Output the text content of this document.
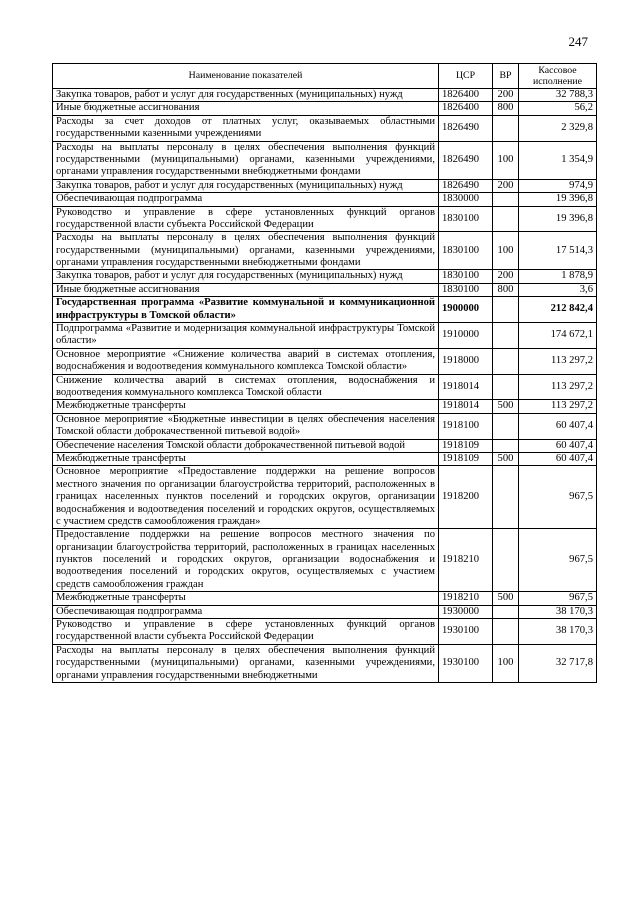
247
Наименование показателей	ЦСР	ВР	Кассовое
исполнение

Закупка товаров, работ и услуг для государственных (муниципальных) нужд	1826400	200	32 788,3
Иные бюджетные ассигнования	1826400	800	56,2
Расходы за счет доходов от платных услуг, оказываемых областными государственными казенными учреждениями	1826490		2 329,8
Расходы на выплаты персоналу в целях обеспечения выполнения функций государственными (муниципальными) органами, казенными учреждениями, органами управления государственными внебюджетными фондами	1826490	100	1 354,9
Закупка товаров, работ и услуг для государственных (муниципальных) нужд	1826490	200	974,9
Обеспечивающая подпрограмма	1830000		19 396,8
Руководство и управление в сфере установленных функций органов государственной власти субъекта Российской Федерации	1830100		19 396,8
Расходы на выплаты персоналу в целях обеспечения выполнения функций государственными (муниципальными) органами, казенными учреждениями, органами управления государственными внебюджетными фондами	1830100	100	17 514,3
Закупка товаров, работ и услуг для государственных (муниципальных) нужд	1830100	200	1 878,9
Иные бюджетные ассигнования	1830100	800	3,6
Государственная программа «Развитие коммунальной и коммуникационной инфраструктуры в Томской области»	1900000		212 842,4
Подпрограмма «Развитие и модернизация коммунальной инфраструктуры Томской области»	1910000		174 672,1
Основное мероприятие «Снижение количества аварий в системах отопления, водоснабжения и водоотведения коммунального комплекса Томской области»	1918000		113 297,2
Снижение количества аварий в системах отопления, водоснабжения и водоотведения коммунального комплекса Томской области	1918014		113 297,2
Межбюджетные трансферты	1918014	500	113 297,2
Основное мероприятие «Бюджетные инвестиции в целях обеспечения населения Томской области доброкачественной питьевой водой»	1918100		60 407,4
Обеспечение населения Томской области доброкачественной питьевой водой	1918109		60 407,4
Межбюджетные трансферты	1918109	500	60 407,4
Основное мероприятие «Предоставление поддержки на решение вопросов местного значения по организации благоустройства территорий, расположенных в границах населенных пунктов поселений и городских округов, организации водоснабжения и водоотведения поселений и городских округов, осуществляемых с участием средств самообложения граждан»	1918200		967,5
Предоставление поддержки на решение вопросов местного значения по организации благоустройства территорий, расположенных в границах населенных пунктов поселений и городских округов, организации водоснабжения и водоотведения поселений и городских округов, осуществляемых с участием средств самообложения граждан	1918210		967,5
Межбюджетные трансферты	1918210	500	967,5
Обеспечивающая подпрограмма	1930000		38 170,3
Руководство и управление в сфере установленных функций органов государственной власти субъекта Российской Федерации	1930100		38 170,3
Расходы на выплаты персоналу в целях обеспечения выполнения функций государственными (муниципальными) органами, казенными учреждениями, органами управления государственными внебюджетными	1930100	100	32 717,8
